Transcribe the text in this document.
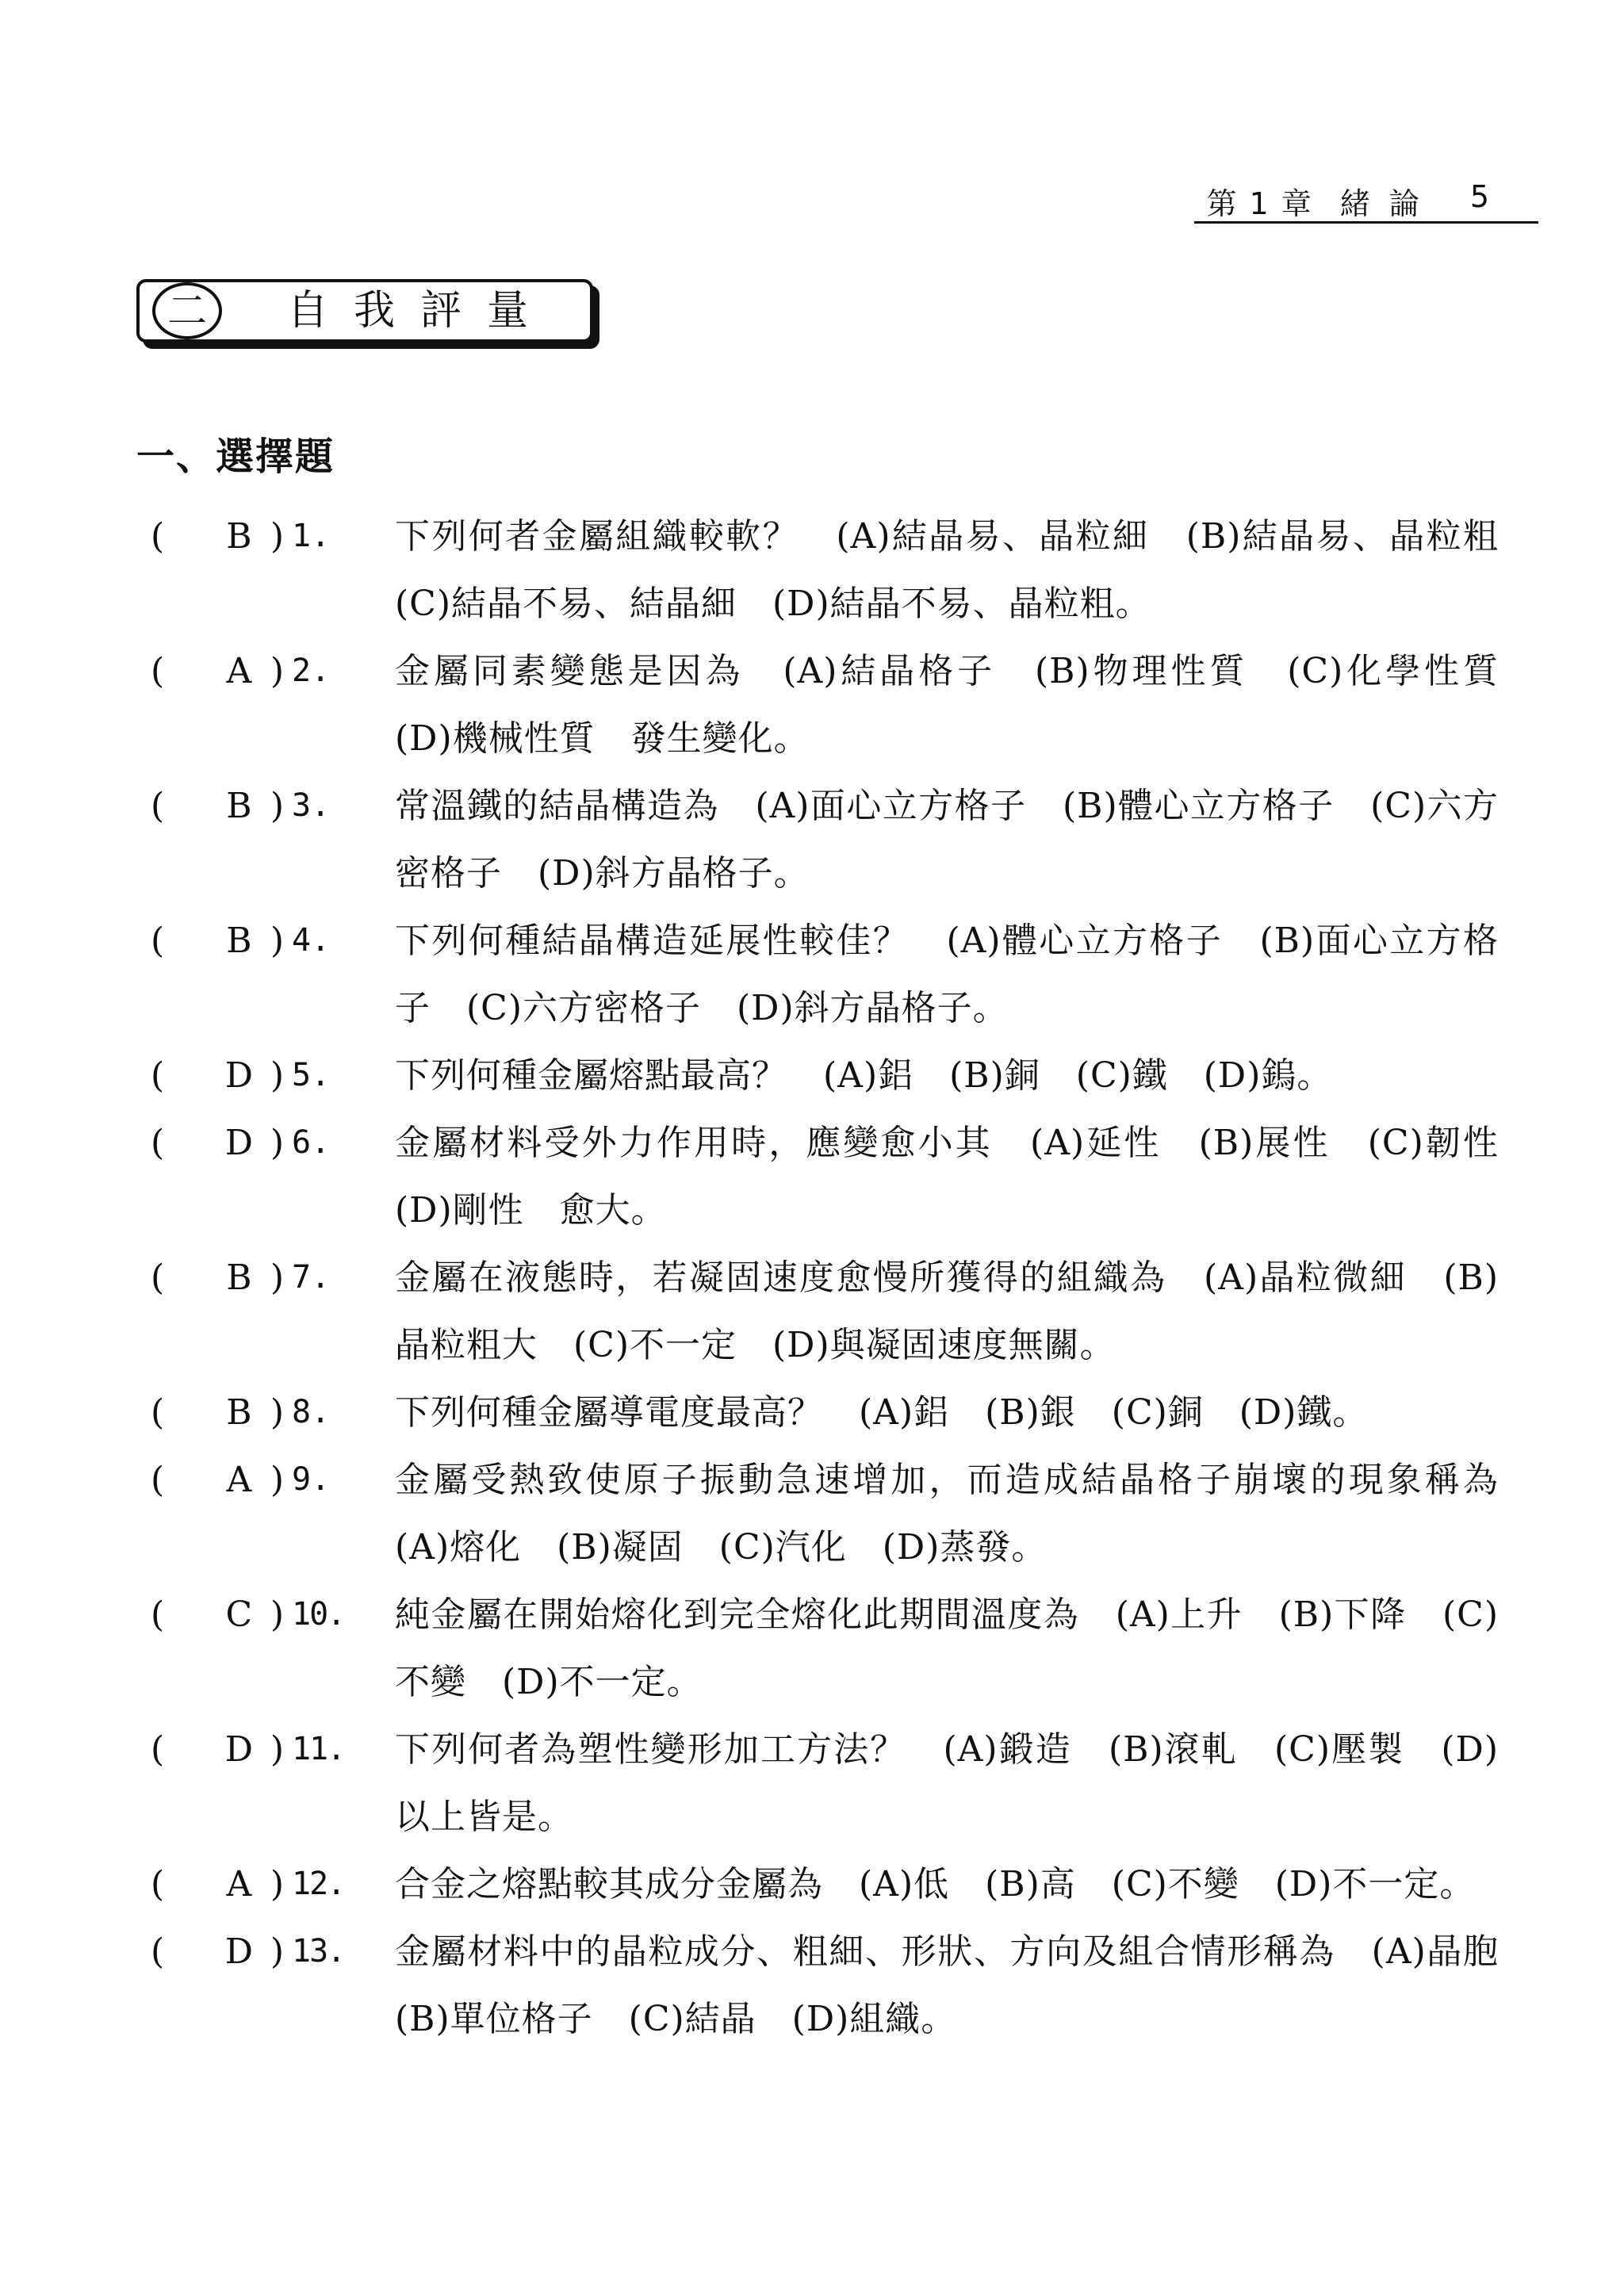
第 1 章 緒論 5
二	自我評量
一、選擇題
(	B ) 1.	下列何者金屬組織較軟？　(A)結晶易、晶粒細　(B)結晶易、晶粒粗　(C)結晶不易、結晶細　(D)結晶不易、晶粒粗。
(	A ) 2.	金屬同素變態是因為　(A)結晶格子　(B)物理性質　(C)化學性質　(D)機械性質　發生變化。
(	B ) 3.	常溫鐵的結晶構造為　(A)面心立方格子　(B)體心立方格子　(C)六方密格子　(D)斜方晶格子。
(	B ) 4.	下列何種結晶構造延展性較佳？　(A)體心立方格子　(B)面心立方格子　(C)六方密格子　(D)斜方晶格子。
(	D ) 5.	下列何種金屬熔點最高？　(A)鋁　(B)銅　(C)鐵　(D)鎢。
(	D ) 6.	金屬材料受外力作用時，應變愈小其　(A)延性　(B)展性　(C)韌性　(D)剛性　愈大。
(	B ) 7.	金屬在液態時，若凝固速度愈慢所獲得的組織為　(A)晶粒微細　(B)晶粒粗大　(C)不一定　(D)與凝固速度無關。
(	B ) 8.	下列何種金屬導電度最高？　(A)鋁　(B)銀　(C)銅　(D)鐵。
(	A ) 9.	金屬受熱致使原子振動急速增加，而造成結晶格子崩壞的現象稱為　(A)熔化　(B)凝固　(C)汽化　(D)蒸發。
(	C ) 10.	純金屬在開始熔化到完全熔化此期間溫度為　(A)上升　(B)下降　(C)不變　(D)不一定。
(	D ) 11.	下列何者為塑性變形加工方法？　(A)鍛造　(B)滾軋　(C)壓製　(D)以上皆是。
(	A ) 12.	合金之熔點較其成分金屬為　(A)低　(B)高　(C)不變　(D)不一定。
(	D ) 13.	金屬材料中的晶粒成分、粗細、形狀、方向及組合情形稱為　(A)晶胞　(B)單位格子　(C)結晶　(D)組織。
